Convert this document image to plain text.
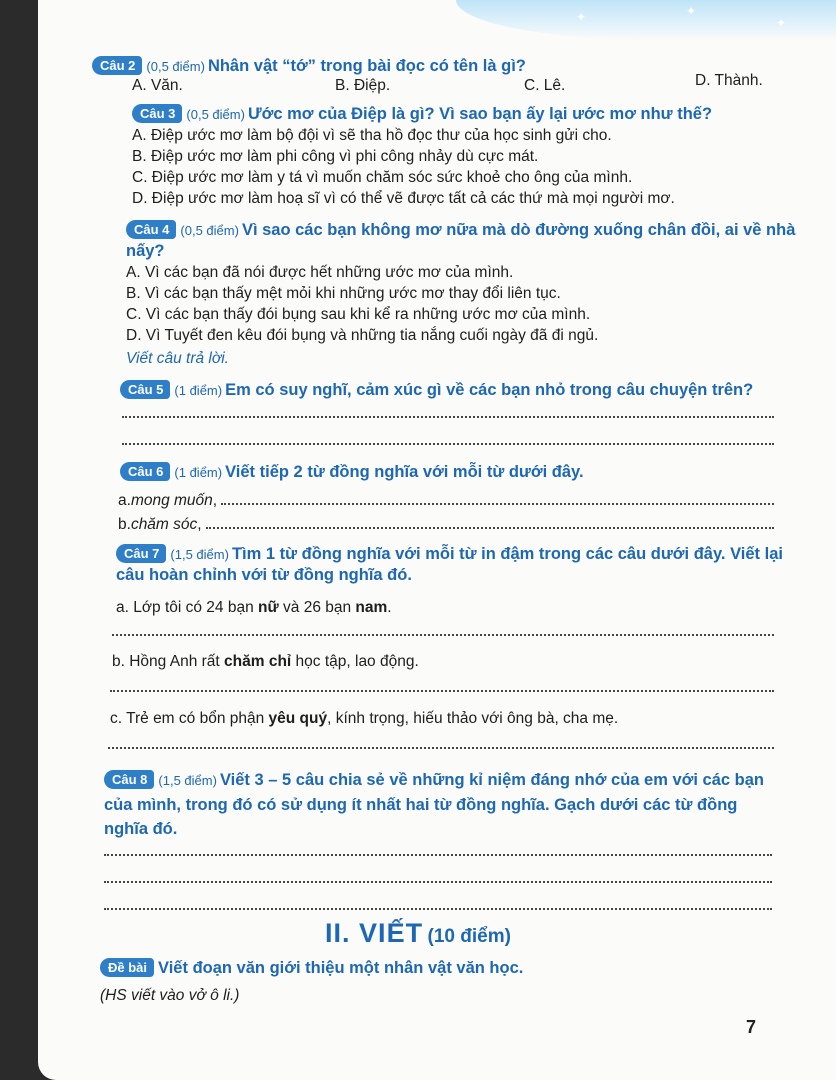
✦	✦
✦
Câu 2 (0,5 điểm) Nhân vật “tớ” trong bài đọc có tên là gì?
A. Văn.	B. Điệp.	C. Lê.	D. Thành.
Câu 3 (0,5 điểm) Ước mơ của Điệp là gì? Vì sao bạn ấy lại ước mơ như thế?
A. Điệp ước mơ làm bộ đội vì sẽ tha hồ đọc thư của học sinh gửi cho.
B. Điệp ước mơ làm phi công vì phi công nhảy dù cực mát.
C. Điệp ước mơ làm y tá vì muốn chăm sóc sức khoẻ cho ông của mình.
D. Điệp ước mơ làm hoạ sĩ vì có thể vẽ được tất cả các thứ mà mọi người mơ.
Câu 4 (0,5 điểm) Vì sao các bạn không mơ nữa mà dò đường xuống chân đồi, ai về nhà nấy?
A. Vì các bạn đã nói được hết những ước mơ của mình.
B. Vì các bạn thấy mệt mỏi khi những ước mơ thay đổi liên tục.
C. Vì các bạn thấy đói bụng sau khi kể ra những ước mơ của mình.
D. Vì Tuyết đen kêu đói bụng và những tia nắng cuối ngày đã đi ngủ.
Viết câu trả lời.
Câu 5 (1 điểm) Em có suy nghĩ, cảm xúc gì về các bạn nhỏ trong câu chuyện trên?
Câu 6 (1 điểm) Viết tiếp 2 từ đồng nghĩa với mỗi từ dưới đây.
a. mong muốn ,
b. chăm sóc ,
Câu 7 (1,5 điểm) Tìm 1 từ đồng nghĩa với mỗi từ in đậm trong các câu dưới đây. Viết lại câu hoàn chỉnh với từ đồng nghĩa đó.
a. Lớp tôi có 24 bạn nữ và 26 bạn nam.
b. Hồng Anh rất chăm chỉ học tập, lao động.
c. Trẻ em có bổn phận yêu quý, kính trọng, hiếu thảo với ông bà, cha mẹ.
Câu 8 (1,5 điểm) Viết 3 – 5 câu chia sẻ về những kỉ niệm đáng nhớ của em với các bạn của mình, trong đó có sử dụng ít nhất hai từ đồng nghĩa. Gạch dưới các từ đồng nghĩa đó.
II. VIẾT (10 điểm)
Đề bài Viết đoạn văn giới thiệu một nhân vật văn học.
(HS viết vào vở ô li.)
7
